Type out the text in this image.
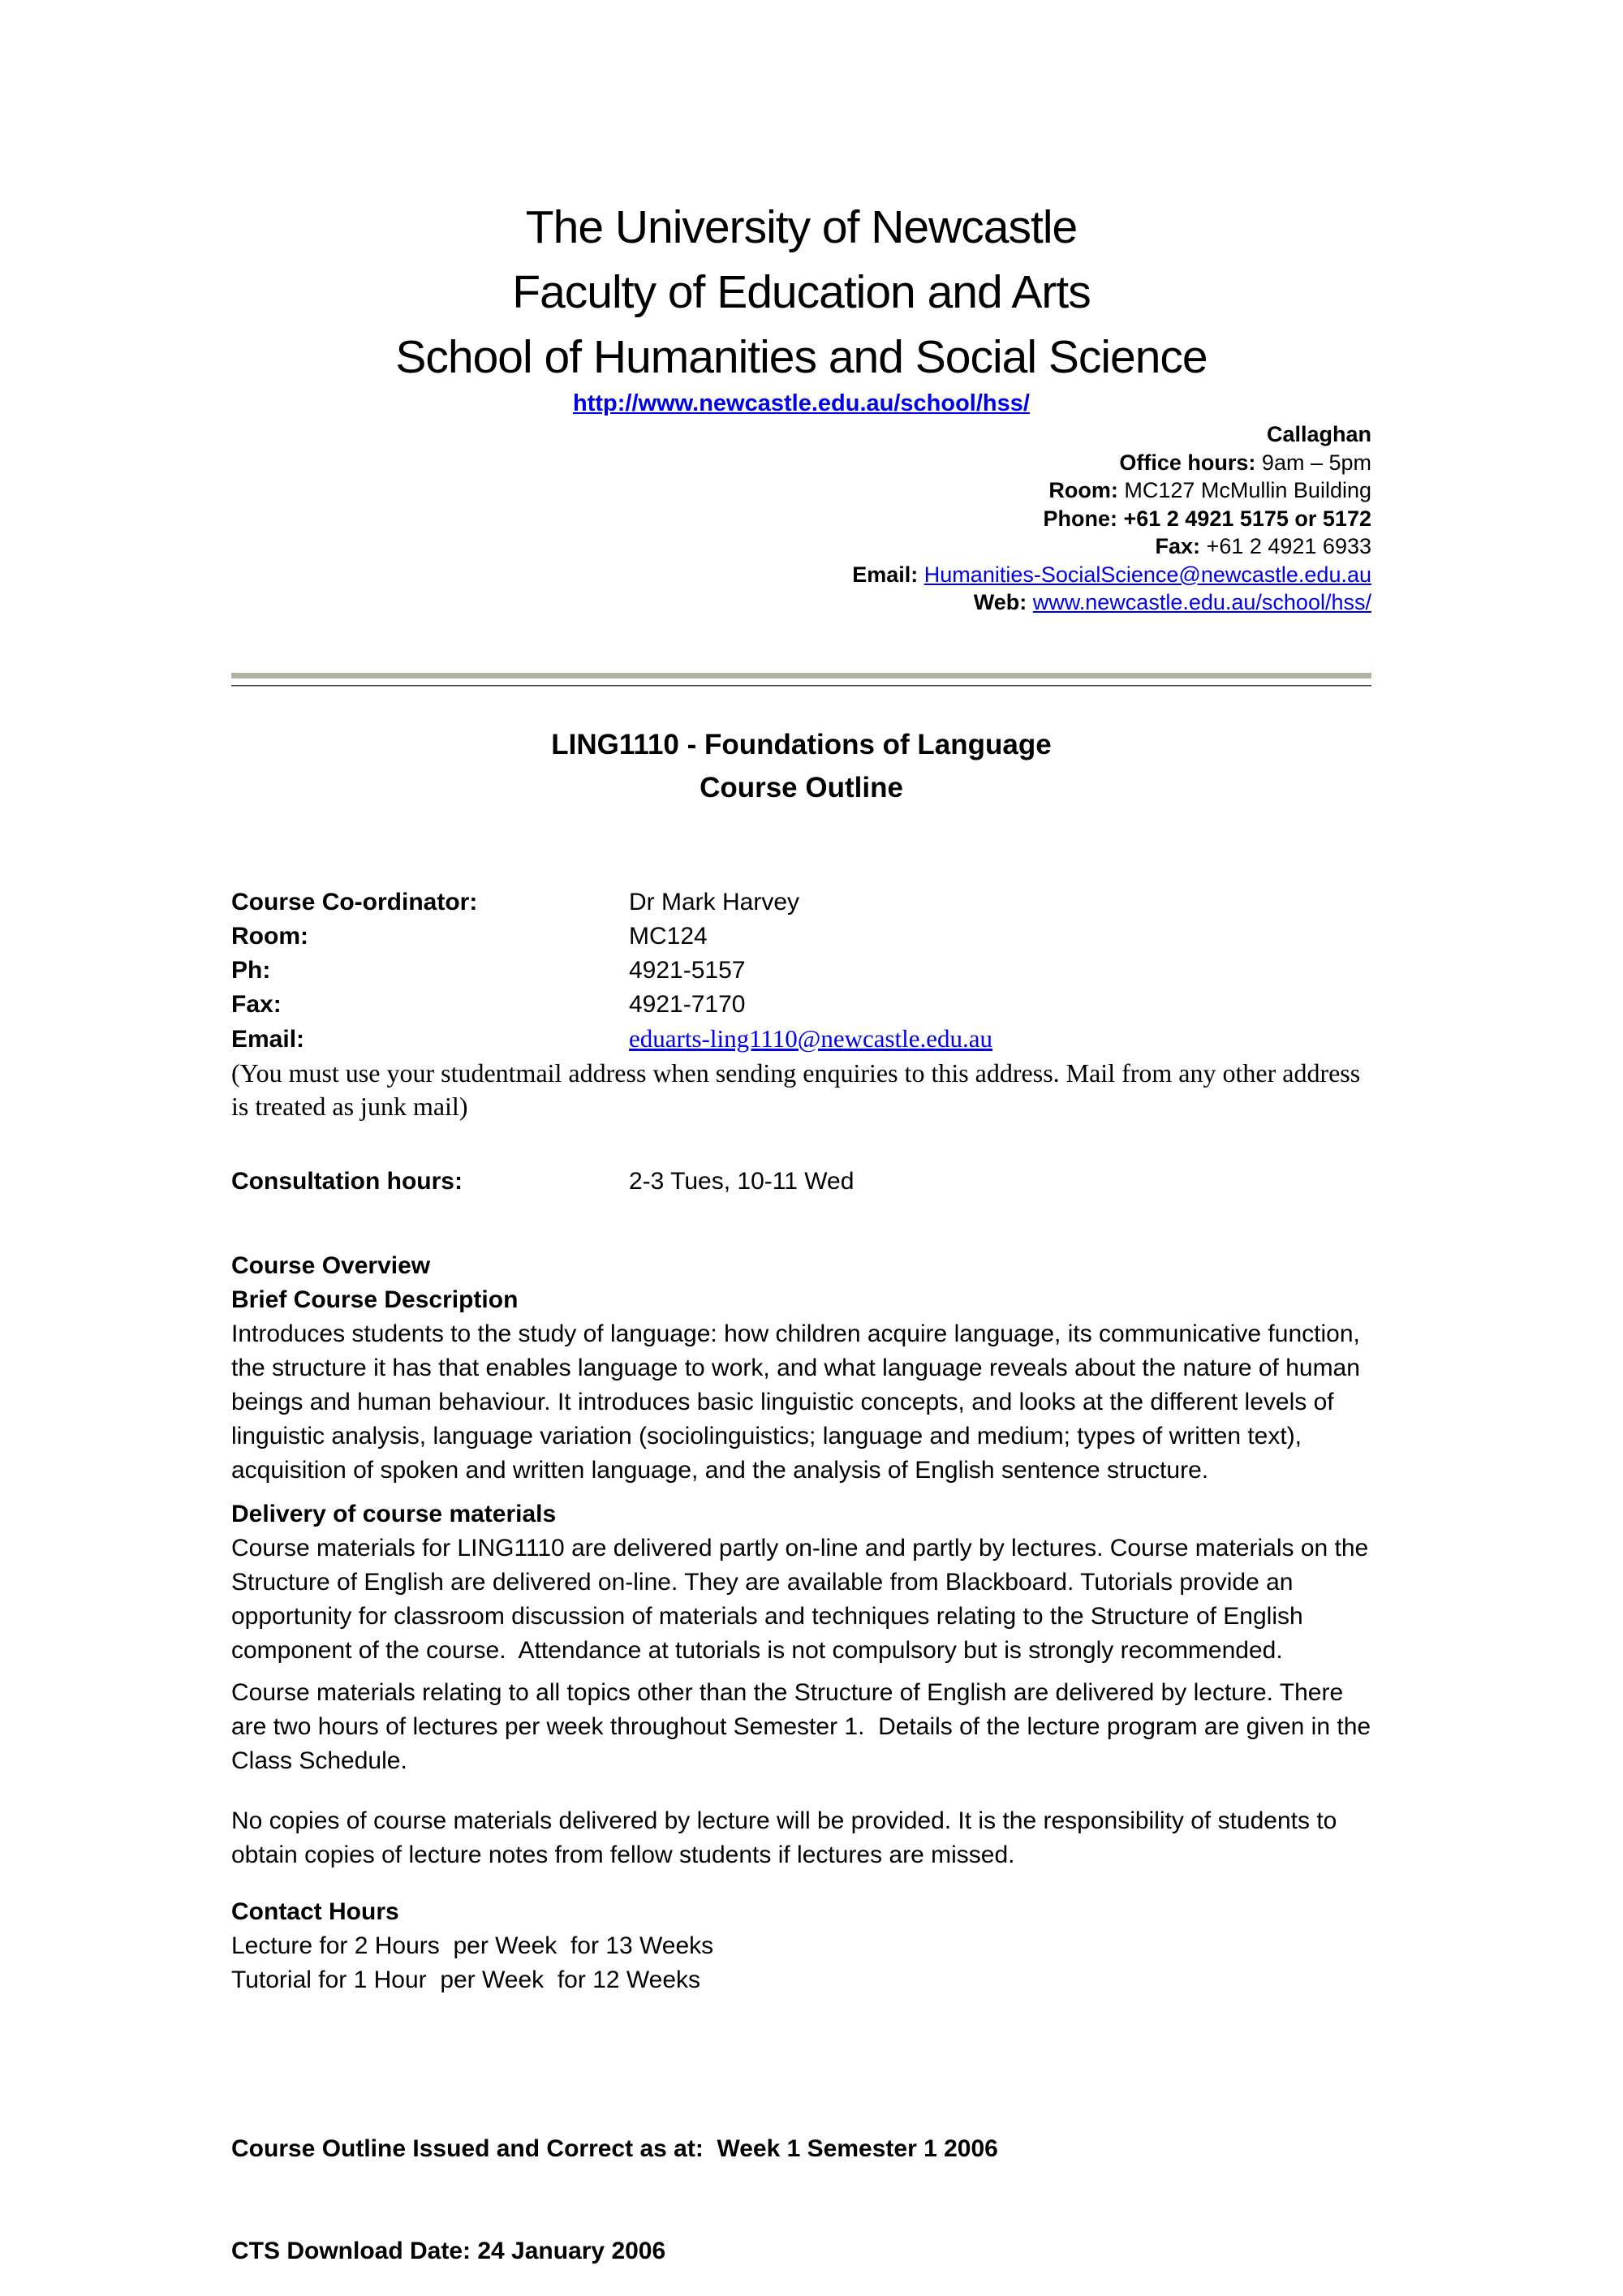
The University of Newcastle
Faculty of Education and Arts
School of Humanities and Social Science
http://www.newcastle.edu.au/school/hss/
Callaghan
Office hours: 9am – 5pm
Room: MC127 McMullin Building
Phone: +61 2 4921 5175 or 5172
Fax: +61 2 4921 6933
Email: Humanities-SocialScience@newcastle.edu.au
Web: www.newcastle.edu.au/school/hss/
LING1110 - Foundations of Language
Course Outline
Course Co-ordinator:	Dr Mark Harvey
Room:	MC124
Ph:	4921-5157
Fax:	4921-7170
Email:	eduarts-ling1110@newcastle.edu.au
(You must use your studentmail address when sending enquiries to this address. Mail from any other address is treated as junk mail)
Consultation hours:	2-3 Tues, 10-11 Wed
Course Overview
Brief Course Description
Introduces students to the study of language: how children acquire language, its communicative function, the structure it has that enables language to work, and what language reveals about the nature of human beings and human behaviour. It introduces basic linguistic concepts, and looks at the different levels of linguistic analysis, language variation (sociolinguistics; language and medium; types of written text), acquisition of spoken and written language, and the analysis of English sentence structure.
Delivery of course materials
Course materials for LING1110 are delivered partly on-line and partly by lectures. Course materials on the Structure of English are delivered on-line. They are available from Blackboard. Tutorials provide an opportunity for classroom discussion of materials and techniques relating to the Structure of English component of the course.  Attendance at tutorials is not compulsory but is strongly recommended.
Course materials relating to all topics other than the Structure of English are delivered by lecture. There are two hours of lectures per week throughout Semester 1.  Details of the lecture program are given in the Class Schedule.
No copies of course materials delivered by lecture will be provided. It is the responsibility of students to obtain copies of lecture notes from fellow students if lectures are missed.
Contact Hours
Lecture for 2 Hours  per Week  for 13 Weeks
Tutorial for 1 Hour  per Week  for 12 Weeks

Course Outline Issued and Correct as at:  Week 1 Semester 1 2006

CTS Download Date: 24 January 2006
